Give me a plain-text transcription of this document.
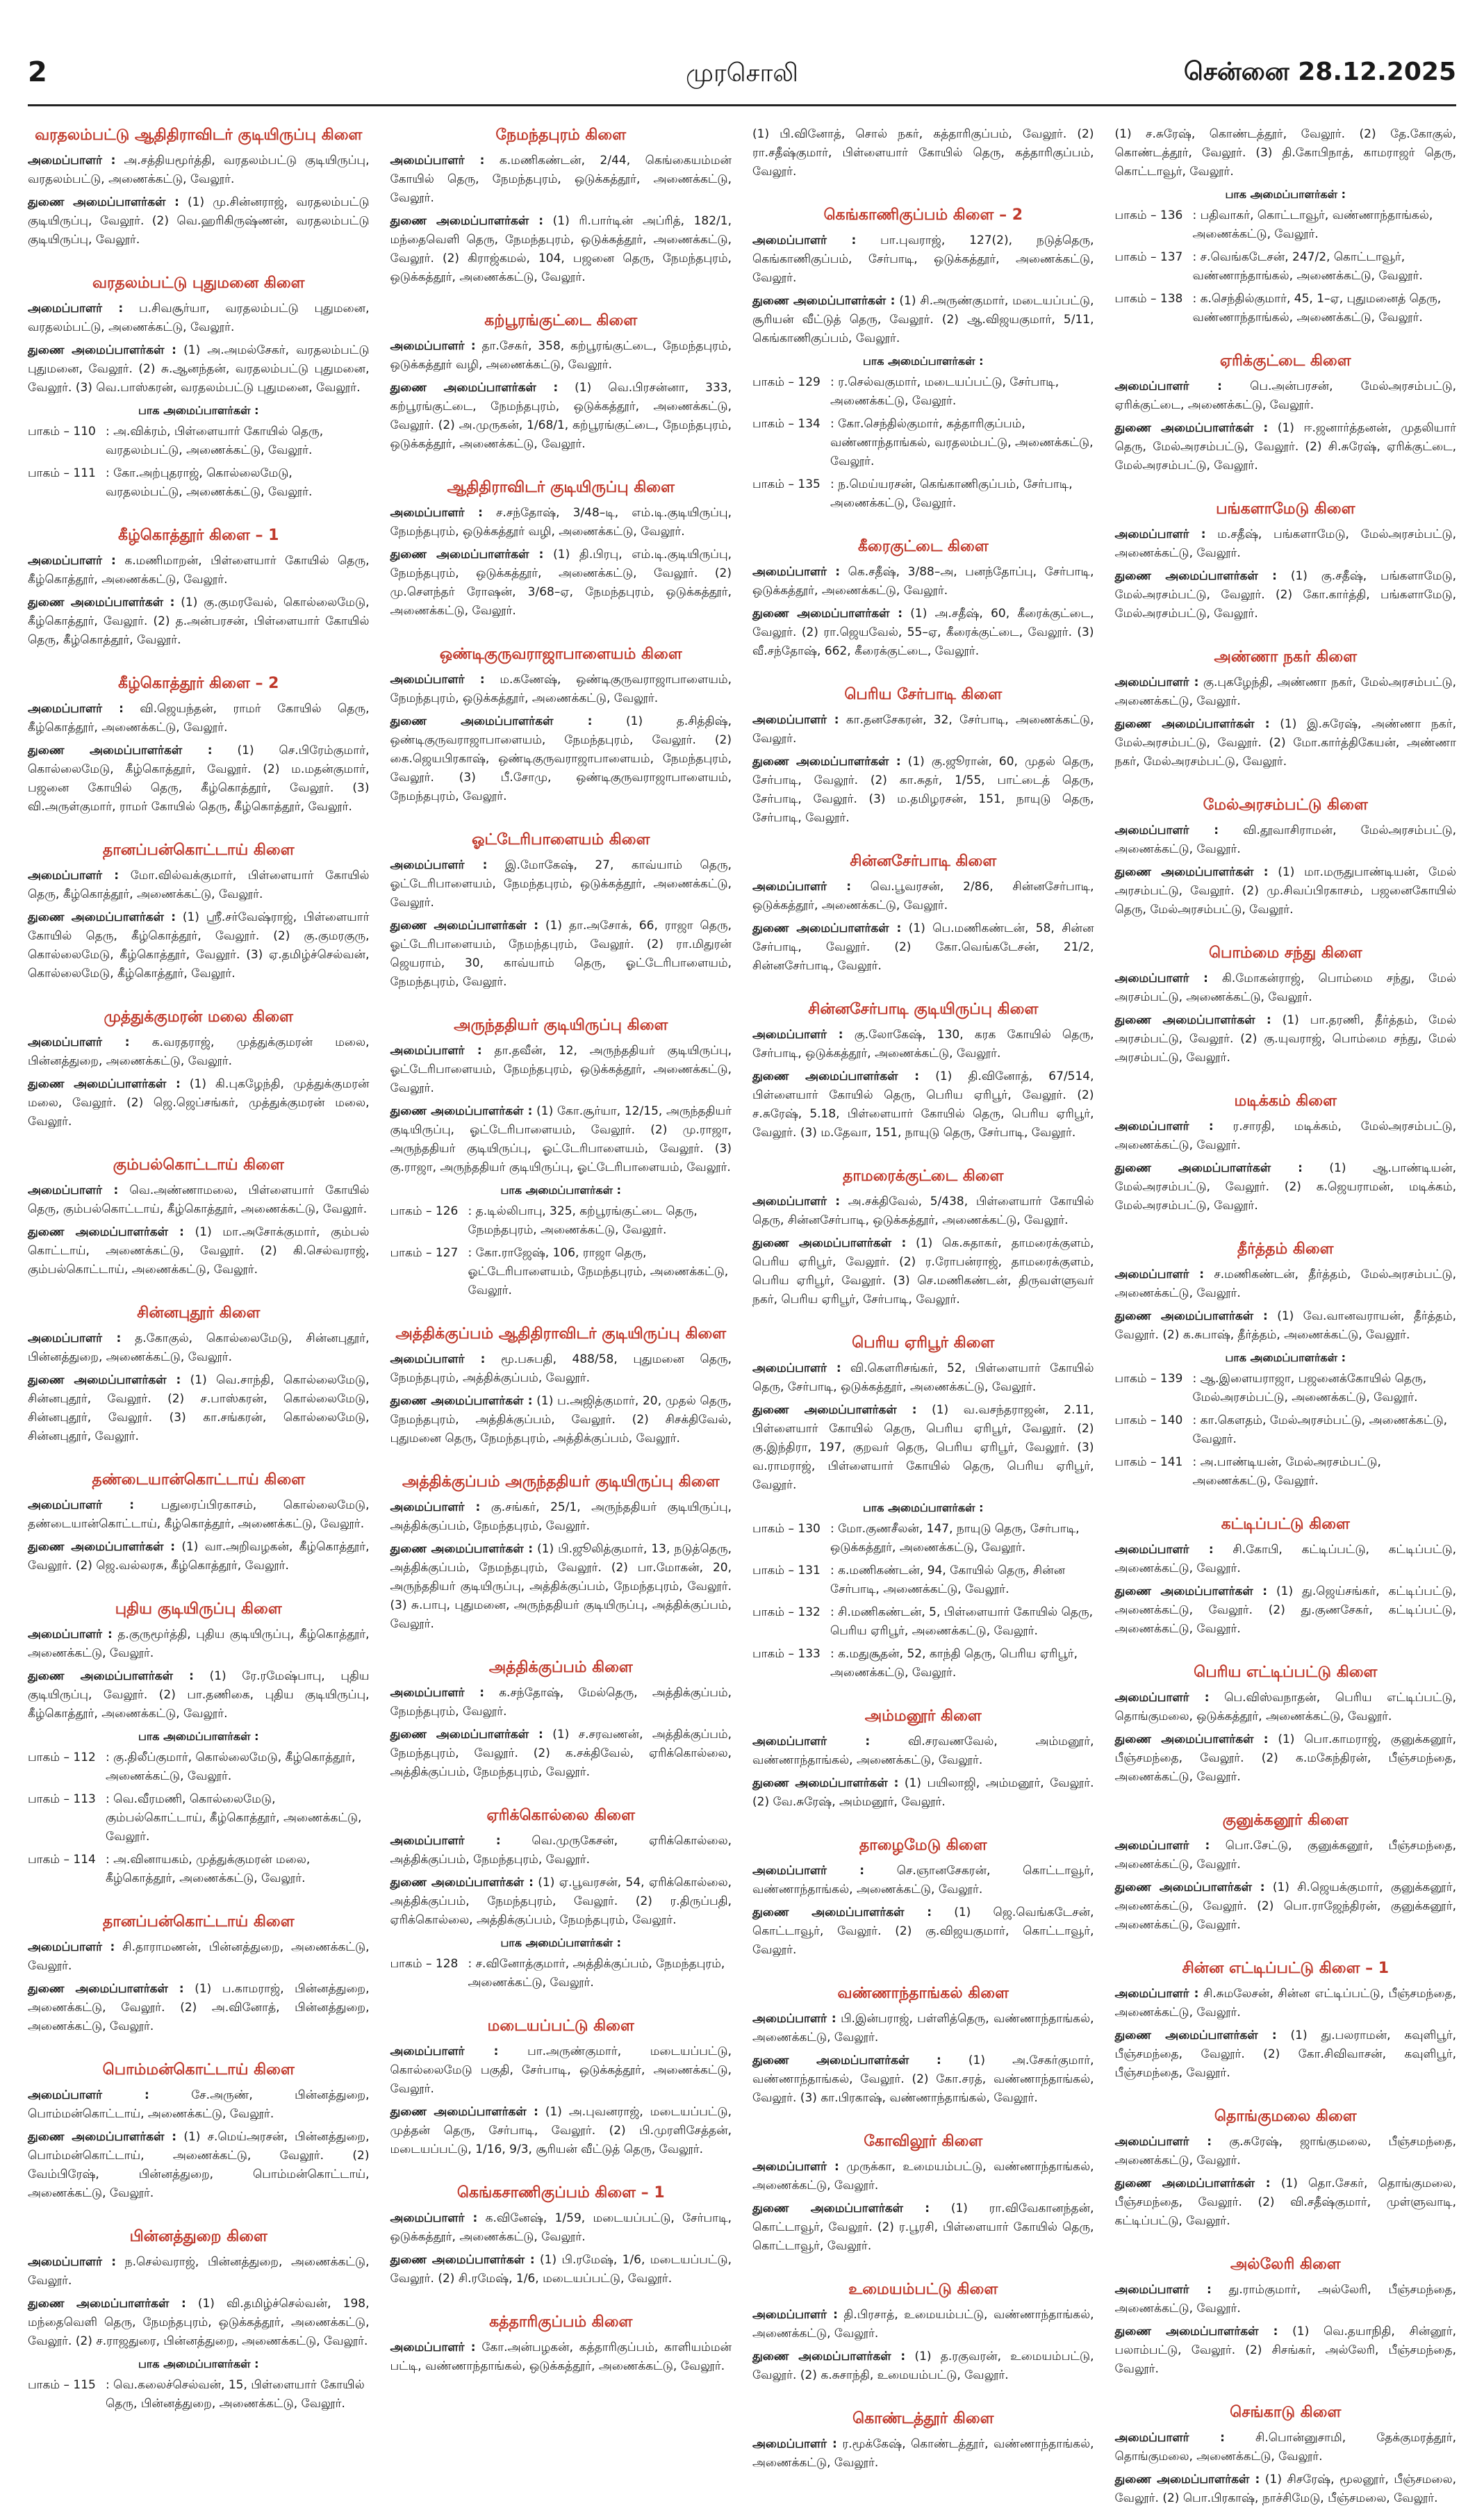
2	முரசொலி	சென்னை 28.12.2025
வரதலம்பட்டு ஆதிதிராவிடர் குடியிருப்பு கிளை
அமைப்பாளர் : அ.சத்தியமூர்த்தி, வரதலம்பட்டு குடியிருப்பு, வரதலம்பட்டு, அணைக்கட்டு, வேலூர்.
துணை அமைப்பாளர்கள் : (1) மு.சின்னராஜ், வரதலம்பட்டு குடியிருப்பு, வேலூர். (2) வெ.ஹரிகிருஷ்ணன், வரதலம்பட்டு குடியிருப்பு, வேலூர்.
வரதலம்பட்டு புதுமனை கிளை
அமைப்பாளர் : ப.சிவசூர்யா, வரதலம்பட்டு புதுமனை, வரதலம்பட்டு, அணைக்கட்டு, வேலூர்.
துணை அமைப்பாளர்கள் : (1) அ.அமல்சேகர், வரதலம்பட்டு புதுமனை, வேலூர். (2) சு.ஆனந்தன், வரதலம்பட்டு புதுமனை, வேலூர். (3) வெ.பாஸ்கரன், வரதலம்பட்டு புதுமனை, வேலூர்.
பாக அமைப்பாளர்கள் :
பாகம் – 110 : அ.விக்ரம், பிள்ளையார் கோயில் தெரு, வரதலம்பட்டு, அணைக்கட்டு, வேலூர்.
பாகம் – 111 : கோ.அற்புதராஜ், கொல்லைமேடு, வரதலம்பட்டு, அணைக்கட்டு, வேலூர்.
கீழ்கொத்தூர் கிளை – 1
அமைப்பாளர் : க.மணிமாறன், பிள்ளையார் கோயில் தெரு, கீழ்கொத்தூர், அணைக்கட்டு, வேலூர்.
துணை அமைப்பாளர்கள் : (1) கு.குமரவேல், கொல்லைமேடு, கீழ்கொத்தூர், வேலூர். (2) த.அன்பரசன், பிள்ளையார் கோயில் தெரு, கீழ்கொத்தூர், வேலூர்.
கீழ்கொத்தூர் கிளை – 2
அமைப்பாளர் : வி.ஜெயந்தன், ராமர் கோயில் தெரு, கீழ்கொத்தூர், அணைக்கட்டு, வேலூர்.
துணை அமைப்பாளர்கள் : (1) செ.பிரேம்குமார், கொல்லைமேடு, கீழ்கொத்தூர், வேலூர். (2) ம.மதன்குமார், பஜனை கோயில் தெரு, கீழ்கொத்தூர், வேலூர். (3) வி.அருள்குமார், ராமர் கோயில் தெரு, கீழ்கொத்தூர், வேலூர்.
தானப்பன்கொட்டாய் கிளை
அமைப்பாளர் : மோ.வில்வக்குமார், பிள்ளையார் கோயில் தெரு, கீழ்கொத்தூர், அணைக்கட்டு, வேலூர்.
துணை அமைப்பாளர்கள் : (1) ஸ்ரீ.சர்வேஷ்ராஜ், பிள்ளையார் கோயில் தெரு, கீழ்கொத்தூர், வேலூர். (2) கு.குமரகுரு, கொல்லைமேடு, கீழ்கொத்தூர், வேலூர். (3) ஏ.தமிழ்ச்செல்வன், கொல்லைமேடு, கீழ்கொத்தூர், வேலூர்.
முத்துக்குமரன் மலை கிளை
அமைப்பாளர் : க.வரதராஜ், முத்துக்குமரன் மலை, பின்னத்துறை, அணைக்கட்டு, வேலூர்.
துணை அமைப்பாளர்கள் : (1) கி.புகழேந்தி, முத்துக்குமரன் மலை, வேலூர். (2) ஜெ.ஜெப்சங்கர், முத்துக்குமரன் மலை, வேலூர்.
கும்பல்கொட்டாய் கிளை
அமைப்பாளர் : வெ.அண்ணாமலை, பிள்ளையார் கோயில் தெரு, கும்பல்கொட்டாய், கீழ்கொத்தூர், அணைக்கட்டு, வேலூர்.
துணை அமைப்பாளர்கள் : (1) மா.அசோக்குமார், கும்பல் கொட்டாய், அணைக்கட்டு, வேலூர். (2) கி.செல்வராஜ், கும்பல்கொட்டாய், அணைக்கட்டு, வேலூர்.
சின்னபுதூர் கிளை
அமைப்பாளர் : த.கோகுல், கொல்லைமேடு, சின்னபுதூர், பின்னத்துறை, அணைக்கட்டு, வேலூர்.
துணை அமைப்பாளர்கள் : (1) வெ.சாந்தி, கொல்லைமேடு, சின்னபுதூர், வேலூர். (2) ச.பாஸ்கரன், கொல்லைமேடு, சின்னபுதூர், வேலூர். (3) கா.சங்கரன், கொல்லைமேடு, சின்னபுதூர், வேலூர்.
தண்டையான்கொட்டாய் கிளை
அமைப்பாளர் : பதுரைப்பிரகாசம், கொல்லைமேடு, தண்டையான்கொட்டாய், கீழ்கொத்தூர், அணைக்கட்டு, வேலூர்.
துணை அமைப்பாளர்கள் : (1) வா.அறிவழகன், கீழ்கொத்தூர், வேலூர். (2) ஜெ.வல்லரசு, கீழ்கொத்தூர், வேலூர்.
புதிய குடியிருப்பு கிளை
அமைப்பாளர் : த.குருமூர்த்தி, புதிய குடியிருப்பு, கீழ்கொத்தூர், அணைக்கட்டு, வேலூர்.
துணை அமைப்பாளர்கள் : (1) ரே.ரமேஷ்பாபு, புதிய குடியிருப்பு, வேலூர். (2) பா.தணிகை, புதிய குடியிருப்பு, கீழ்கொத்தூர், அணைக்கட்டு, வேலூர்.
பாக அமைப்பாளர்கள் :
பாகம் – 112 : கு.திலீப்குமார், கொல்லைமேடு, கீழ்கொத்தூர், அணைக்கட்டு, வேலூர்.
பாகம் – 113 : வெ.வீரமணி, கொல்லைமேடு, கும்பல்கொட்டாய், கீழ்கொத்தூர், அணைக்கட்டு, வேலூர்.
பாகம் – 114 : அ.வினாயகம், முத்துக்குமரன் மலை, கீழ்கொத்தூர், அணைக்கட்டு, வேலூர்.
தானப்பன்கொட்டாய் கிளை
அமைப்பாளர் : சி.தாராமணன், பின்னத்துறை, அணைக்கட்டு, வேலூர்.
துணை அமைப்பாளர்கள் : (1) ப.காமராஜ், பின்னத்துறை, அணைக்கட்டு, வேலூர். (2) அ.வினோத், பின்னத்துறை, அணைக்கட்டு, வேலூர்.
பொம்மன்கொட்டாய் கிளை
அமைப்பாளர் :	சே.அருண், பின்னத்துறை, பொம்மன்கொட்டாய், அணைக்கட்டு, வேலூர்.
துணை அமைப்பாளர்கள் : (1) ச.மெய்அரசன், பின்னத்துறை, பொம்மன்கொட்டாய், அணைக்கட்டு, வேலூர். (2) வேம்பிரேஷ், பின்னத்துறை, பொம்மன்கொட்டாய், அணைக்கட்டு, வேலூர்.
பின்னத்துறை கிளை
அமைப்பாளர் : ந.செல்வராஜ், பின்னத்துறை, அணைக்கட்டு, வேலூர்.
துணை அமைப்பாளர்கள் : (1) வி.தமிழ்ச்செல்வன், 198, மந்தைவெளி தெரு, நேமந்தபுரம், ஒடுக்கத்தூர், அணைக்கட்டு, வேலூர். (2) ச.ராஜதுரை, பின்னத்துறை, அணைக்கட்டு, வேலூர்.
பாக அமைப்பாளர்கள் :
பாகம் – 115 : வெ.கலைச்செல்வன், 15, பிள்ளையார் கோயில் தெரு, பின்னத்துறை, அணைக்கட்டு, வேலூர்.
நேமந்தபுரம் கிளை
அமைப்பாளர் : க.மணிகண்டன், 2/44, கெங்கையம்மன் கோயில் தெரு, நேமந்தபுரம், ஒடுக்கத்தூர், அணைக்கட்டு, வேலூர்.
துணை அமைப்பாளர்கள் : (1) ரி.பார்டின் அப்ரித், 182/1, மந்தைவெளி தெரு, நேமந்தபுரம், ஒடுக்கத்தூர், அணைக்கட்டு, வேலூர். (2) கிராஜ்கமல், 104, பஜனை தெரு, நேமந்தபுரம், ஒடுக்கத்தூர், அணைக்கட்டு, வேலூர்.
கற்பூரங்குட்டை கிளை
அமைப்பாளர் : தா.சேகர், 358, கற்பூரங்குட்டை, நேமந்தபுரம், ஒடுக்கத்தூர் வழி, அணைக்கட்டு, வேலூர்.
துணை அமைப்பாளர்கள் : (1) வெ.பிரசன்னா, 333, கற்பூரங்குட்டை, நேமந்தபுரம், ஒடுக்கத்தூர், அணைக்கட்டு, வேலூர். (2) அ.முருகன், 1/68/1, கற்பூரங்குட்டை, நேமந்தபுரம், ஒடுக்கத்தூர், அணைக்கட்டு, வேலூர்.
ஆதிதிராவிடர் குடியிருப்பு கிளை
அமைப்பாளர் : ச.சந்தோஷ், 3/48–டி, எம்.டி.குடியிருப்பு, நேமந்தபுரம், ஒடுக்கத்தூர் வழி, அணைக்கட்டு, வேலூர்.
துணை அமைப்பாளர்கள் : (1) தி.பிரபு, எம்.டி.குடியிருப்பு, நேமந்தபுரம், ஒடுக்கத்தூர், அணைக்கட்டு, வேலூர். (2) மு.சௌந்தர் ரோஷன், 3/68–ஏ, நேமந்தபுரம், ஒடுக்கத்தூர், அணைக்கட்டு, வேலூர்.
ஒண்டிகுருவராஜாபாளையம் கிளை
அமைப்பாளர் : ம.கணேஷ், ஒண்டிகுருவராஜாபாளையம், நேமந்தபுரம், ஒடுக்கத்தூர், அணைக்கட்டு, வேலூர்.
துணை அமைப்பாளர்கள் :	(1) த.சித்திஷ், ஒண்டிகுருவராஜாபாளையம், நேமந்தபுரம், வேலூர். (2) கை.ஜெயபிரகாஷ், ஒண்டிகுருவராஜாபாளையம், நேமந்தபுரம், வேலூர். (3) பீ.சோமு, ஒண்டிகுருவராஜாபாளையம், நேமந்தபுரம், வேலூர்.
ஓட்டேரிபாளையம் கிளை
அமைப்பாளர் : இ.மோகேஷ், 27, காவ்யாம் தெரு, ஓட்டேரிபாளையம், நேமந்தபுரம், ஒடுக்கத்தூர், அணைக்கட்டு, வேலூர்.
துணை அமைப்பாளர்கள் : (1) தா.அசோக், 66, ராஜா தெரு, ஓட்டேரிபாளையம், நேமந்தபுரம், வேலூர். (2) ரா.மிதுரன் ஜெயராம், 30, காவ்யாம் தெரு, ஓட்டேரிபாளையம், நேமந்தபுரம், வேலூர்.
அருந்ததியர் குடியிருப்பு கிளை
அமைப்பாளர் : தா.தவீன், 12, அருந்ததியர் குடியிருப்பு, ஓட்டேரிபாளையம், நேமந்தபுரம், ஒடுக்கத்தூர், அணைக்கட்டு, வேலூர்.
துணை அமைப்பாளர்கள் : (1) கோ.சூர்யா, 12/15, அருந்ததியர் குடியிருப்பு, ஓட்டேரிபாளையம், வேலூர். (2) மு.ராஜா, அருந்ததியர் குடியிருப்பு, ஓட்டேரிபாளையம், வேலூர். (3) கு.ராஜா, அருந்ததியர் குடியிருப்பு, ஓட்டேரிபாளையம், வேலூர்.
பாக அமைப்பாளர்கள் :
பாகம் – 126 : த.டில்லிபாபு, 325, கற்பூரங்குட்டை தெரு, நேமந்தபுரம், அணைக்கட்டு, வேலூர்.
பாகம் – 127 : கோ.ராஜேஷ், 106, ராஜா தெரு, ஓட்டேரிபாளையம், நேமந்தபுரம், அணைக்கட்டு, வேலூர்.
அத்திக்குப்பம் ஆதிதிராவிடர் குடியிருப்பு கிளை
அமைப்பாளர் : மூ.பசுபதி, 488/58, புதுமனை தெரு, நேமந்தபுரம், அத்திக்குப்பம், வேலூர்.
துணை அமைப்பாளர்கள் : (1) ப.அஜித்குமார், 20, முதல் தெரு, நேமந்தபுரம், அத்திக்குப்பம், வேலூர். (2) சிசக்திவேல், புதுமனை தெரு, நேமந்தபுரம், அத்திக்குப்பம், வேலூர்.
அத்திக்குப்பம் அருந்ததியர் குடியிருப்பு கிளை
அமைப்பாளர் : கு.சங்கர், 25/1, அருந்ததியர் குடியிருப்பு, அத்திக்குப்பம், நேமந்தபுரம், வேலூர்.
துணை அமைப்பாளர்கள் : (1) பி.ஜூலித்குமார், 13, நடுத்தெரு, அத்திக்குப்பம், நேமந்தபுரம், வேலூர். (2) பா.மோகன், 20, அருந்ததியர் குடியிருப்பு, அத்திக்குப்பம், நேமந்தபுரம், வேலூர். (3) சு.பாபு, புதுமனை, அருந்ததியர் குடியிருப்பு, அத்திக்குப்பம், வேலூர்.
அத்திக்குப்பம் கிளை
அமைப்பாளர் : க.சந்தோஷ், மேல்தெரு, அத்திக்குப்பம், நேமந்தபுரம், வேலூர்.
துணை அமைப்பாளர்கள் : (1) ச.சரவணன், அத்திக்குப்பம், நேமந்தபுரம், வேலூர். (2) க.சக்திவேல், ஏரிக்கொல்லை, அத்திக்குப்பம், நேமந்தபுரம், வேலூர்.
ஏரிக்கொல்லை கிளை
அமைப்பாளர் :	வெ.முருகேசன், ஏரிக்கொல்லை, அத்திக்குப்பம், நேமந்தபுரம், வேலூர்.
துணை அமைப்பாளர்கள் : (1) ஏ.பூவரசன், 54, ஏரிக்கொல்லை, அத்திக்குப்பம், நேமந்தபுரம், வேலூர். (2) ர.திருப்பதி, ஏரிக்கொல்லை, அத்திக்குப்பம், நேமந்தபுரம், வேலூர்.
பாக அமைப்பாளர்கள் :
பாகம் – 128 : ச.வினோத்குமார், அத்திக்குப்பம், நேமந்தபுரம், அணைக்கட்டு, வேலூர்.
மடையப்பட்டு கிளை
அமைப்பாளர் : பா.அருண்குமார், மடையப்பட்டு, கொல்லைமேடு பகுதி, சேர்பாடி, ஒடுக்கத்தூர், அணைக்கட்டு, வேலூர்.
துணை அமைப்பாளர்கள் : (1) அ.புவனராஜ், மடையப்பட்டு, முத்தன் தெரு, சேர்பாடி, வேலூர். (2) பி.முரளிசேத்தன், மடையப்பட்டு, 1/16, 9/3, சூரியன் வீட்டுத் தெரு, வேலூர்.
கெங்கசாணிகுப்பம் கிளை – 1
அமைப்பாளர் : க.வினேஷ், 1/59, மடையப்பட்டு, சேர்பாடி, ஒடுக்கத்தூர், அணைக்கட்டு, வேலூர்.
துணை அமைப்பாளர்கள் : (1) பி.ரமேஷ், 1/6, மடையப்பட்டு, வேலூர். (2) சி.ரமேஷ், 1/6, மடையப்பட்டு, வேலூர்.
கத்தாரிகுப்பம் கிளை
அமைப்பாளர் : கோ.அன்பழகன், கத்தாரிகுப்பம், காளியம்மன் பட்டி, வண்ணாந்தாங்கல், ஒடுக்கத்தூர், அணைக்கட்டு, வேலூர்.
(1) பி.வினோத், சொல் நகர், கத்தாரிகுப்பம், வேலூர். (2) ரா.சதீஷ்குமார், பிள்ளையார் கோயில் தெரு, கத்தாரிகுப்பம், வேலூர்.
கெங்காணிகுப்பம் கிளை – 2
அமைப்பாளர் : பா.புவராஜ், 127(2), நடுத்தெரு, கெங்காணிகுப்பம், சேர்பாடி, ஒடுக்கத்தூர், அணைக்கட்டு, வேலூர்.
துணை அமைப்பாளர்கள் : (1) சி.அருண்குமார், மடையப்பட்டு, சூரியன் வீட்டுத் தெரு, வேலூர். (2) ஆ.விஜயகுமார், 5/11, கெங்காணிகுப்பம், வேலூர்.
பாக அமைப்பாளர்கள் :
பாகம் – 129 : ர.செல்வகுமார், மடையப்பட்டு, சேர்பாடி, அணைக்கட்டு, வேலூர்.
பாகம் – 134 : கோ.செந்தில்குமார், கத்தாரிகுப்பம், வண்ணாந்தாங்கல், வரதலம்பட்டு, அணைக்கட்டு, வேலூர்.
பாகம் – 135 : ந.மெய்யரசன், கெங்காணிகுப்பம், சேர்பாடி, அணைக்கட்டு, வேலூர்.
கீரைகுட்டை கிளை
அமைப்பாளர் : கெ.சதீஷ், 3/88–அ, பனந்தோப்பு, சேர்பாடி, ஒடுக்கத்தூர், அணைக்கட்டு, வேலூர்.
துணை அமைப்பாளர்கள் : (1) அ.சதீஷ், 60, கீரைக்குட்டை, வேலூர். (2) ரா.ஜெயவேல், 55–ஏ, கீரைக்குட்டை, வேலூர். (3) வீ.சந்தோஷ், 662, கீரைக்குட்டை, வேலூர்.
பெரிய சேர்பாடி கிளை
அமைப்பாளர் : கா.தனசேகரன், 32, சேர்பாடி, அணைக்கட்டு, வேலூர்.
துணை அமைப்பாளர்கள் : (1) கு.ஜூரான், 60, முதல் தெரு, சேர்பாடி, வேலூர். (2) கா.சுதர், 1/55, பாட்டைத் தெரு, சேர்பாடி, வேலூர். (3) ம.தமிழரசன், 151, நாயுடு தெரு, சேர்பாடி, வேலூர்.
சின்னசேர்பாடி கிளை
அமைப்பாளர் : வெ.பூவரசன், 2/86, சின்னசேர்பாடி, ஒடுக்கத்தூர், அணைக்கட்டு, வேலூர்.
துணை அமைப்பாளர்கள் : (1) பெ.மணிகண்டன், 58, சின்ன சேர்பாடி, வேலூர். (2) கோ.வெங்கடேசன், 21/2, சின்னசேர்பாடி, வேலூர்.
சின்னசேர்பாடி குடியிருப்பு கிளை
அமைப்பாளர் : கு.லோகேஷ், 130, கரக கோயில் தெரு, சேர்பாடி, ஒடுக்கத்தூர், அணைக்கட்டு, வேலூர்.
துணை அமைப்பாளர்கள் : (1) தி.வினோத், 67/514, பிள்ளையார் கோயில் தெரு, பெரிய ஏரிபூர், வேலூர். (2) ச.சுரேஷ், 5.18, பிள்ளையார் கோயில் தெரு, பெரிய ஏரிபூர், வேலூர். (3) ம.தேவா, 151, நாயுடு தெரு, சேர்பாடி, வேலூர்.
தாமரைக்குட்டை கிளை
அமைப்பாளர் : அ.சக்திவேல், 5/438, பிள்ளையார் கோயில் தெரு, சின்னசேர்பாடி, ஒடுக்கத்தூர், அணைக்கட்டு, வேலூர்.
துணை அமைப்பாளர்கள் : (1) கெ.சுதாகர், தாமரைக்குளம், பெரிய ஏரிபூர், வேலூர். (2) ர.ரோபன்ராஜ், தாமரைக்குளம், பெரிய ஏரிபூர், வேலூர். (3) செ.மணிகண்டன், திருவள்ளுவர் நகர், பெரிய ஏரிபூர், சேர்பாடி, வேலூர்.
பெரிய ஏரிபூர் கிளை
அமைப்பாளர் : வி.கௌரிசங்கர், 52, பிள்ளையார் கோயில் தெரு, சேர்பாடி, ஒடுக்கத்தூர், அணைக்கட்டு, வேலூர்.
துணை அமைப்பாளர்கள் : (1) வ.வசந்தராஜன், 2.11, பிள்ளையார் கோயில் தெரு, பெரிய ஏரிபூர், வேலூர். (2) கு.இந்திரா, 197, குறவர் தெரு, பெரிய ஏரிபூர், வேலூர். (3) வ.ராமராஜ், பிள்ளையார் கோயில் தெரு, பெரிய ஏரிபூர், வேலூர்.
பாக அமைப்பாளர்கள் :
பாகம் – 130 : மோ.குணசீலன், 147, நாயுடு தெரு, சேர்பாடி, ஒடுக்கத்தூர், அணைக்கட்டு, வேலூர்.
பாகம் – 131 : க.மணிகண்டன், 94, கோயில் தெரு, சின்ன சேர்பாடி, அணைக்கட்டு, வேலூர்.
பாகம் – 132 : சி.மணிகண்டன், 5, பிள்ளையார் கோயில் தெரு, பெரிய ஏரிபூர், அணைக்கட்டு, வேலூர்.
பாகம் – 133 : க.மதுசூதன், 52, காந்தி தெரு, பெரிய ஏரிபூர், அணைக்கட்டு, வேலூர்.
அம்மனூர் கிளை
அமைப்பாளர் :	வி.சரவணவேல், அம்மனூர், வண்ணாந்தாங்கல், அணைக்கட்டு, வேலூர்.
துணை அமைப்பாளர்கள் : (1) பயிலாஜி, அம்மனூர், வேலூர். (2) வே.சுரேஷ், அம்மனூர், வேலூர்.
தாழைமேடு கிளை
அமைப்பாளர் :	செ.ஞானசேகரன், கொட்டாவூர், வண்ணாந்தாங்கல், அணைக்கட்டு, வேலூர்.
துணை அமைப்பாளர்கள் : (1) ஜெ.வெங்கடேசன், கொட்டாவூர், வேலூர். (2) கு.விஜயகுமார், கொட்டாவூர், வேலூர்.
வண்ணாந்தாங்கல் கிளை
அமைப்பாளர் : பி.இன்பராஜ், பள்ளித்தெரு, வண்ணாந்தாங்கல், அணைக்கட்டு, வேலூர்.
துணை அமைப்பாளர்கள் : (1) அ.சேகர்குமார், வண்ணாந்தாங்கல், வேலூர். (2) கோ.சரத், வண்ணாந்தாங்கல், வேலூர். (3) கா.பிரகாஷ், வண்ணாந்தாங்கல், வேலூர்.
கோவிலூர் கிளை
அமைப்பாளர் : முருக்கா, உமையம்பட்டு, வண்ணாந்தாங்கல், அணைக்கட்டு, வேலூர்.
துணை அமைப்பாளர்கள் : (1) ரா.விவேகானந்தன், கொட்டாவூர், வேலூர். (2) ர.பூரசி, பிள்ளையார் கோயில் தெரு, கொட்டாவூர், வேலூர்.
உமையம்பட்டு கிளை
அமைப்பாளர் : தி.பிரசாத், உமையம்பட்டு, வண்ணாந்தாங்கல், அணைக்கட்டு, வேலூர்.
துணை அமைப்பாளர்கள் : (1) த.ரகுவரன், உமையம்பட்டு, வேலூர். (2) க.சுசாந்தி, உமையம்பட்டு, வேலூர்.
கொண்டத்தூர் கிளை
அமைப்பாளர் : ர.மூக்கேஷ், கொண்டத்தூர், வண்ணாந்தாங்கல், அணைக்கட்டு, வேலூர்.
(1) ச.சுரேஷ், கொண்டத்தூர், வேலூர். (2) தே.கோகுல், கொண்டத்தூர், வேலூர். (3) தி.கோபிநாத், காமராஜர் தெரு, கொட்டாவூர், வேலூர்.
பாக அமைப்பாளர்கள் :
பாகம் – 136 : பதிவாகர், கொட்டாவூர், வண்ணாந்தாங்கல், அணைக்கட்டு, வேலூர்.
பாகம் – 137 : ச.வெங்கடேசன், 247/2, கொட்டாவூர், வண்ணாந்தாங்கல், அணைக்கட்டு, வேலூர்.
பாகம் – 138 : க.செந்தில்குமார், 45, 1–ஏ, புதுமனைத் தெரு, வண்ணாந்தாங்கல், அணைக்கட்டு, வேலூர்.
ஏரிக்குட்டை கிளை
அமைப்பாளர் : பெ.அன்பரசன், மேல்அரசம்பட்டு, ஏரிக்குட்டை, அணைக்கட்டு, வேலூர்.
துணை அமைப்பாளர்கள் : (1) ஈ.ஜனார்த்தனன், முதலியார் தெரு, மேல்அரசம்பட்டு, வேலூர். (2) சி.சுரேஷ், ஏரிக்குட்டை, மேல்அரசம்பட்டு, வேலூர்.
பங்களாமேடு கிளை
அமைப்பாளர் : ம.சதீஷ், பங்களாமேடு, மேல்அரசம்பட்டு, அணைக்கட்டு, வேலூர்.
துணை அமைப்பாளர்கள் : (1) கு.சதீஷ், பங்களாமேடு, மேல்அரசம்பட்டு, வேலூர். (2) கோ.கார்த்தி, பங்களாமேடு, மேல்அரசம்பட்டு, வேலூர்.
அண்ணா நகர் கிளை
அமைப்பாளர் : கு.புகழேந்தி, அண்ணா நகர், மேல்அரசம்பட்டு, அணைக்கட்டு, வேலூர்.
துணை அமைப்பாளர்கள் : (1) இ.சுரேஷ், அண்ணா நகர், மேல்அரசம்பட்டு, வேலூர். (2) மோ.கார்த்திகேயன், அண்ணா நகர், மேல்அரசம்பட்டு, வேலூர்.
மேல்அரசம்பட்டு கிளை
அமைப்பாளர் : வி.தூவாசிராமன், மேல்அரசம்பட்டு, அணைக்கட்டு, வேலூர்.
துணை அமைப்பாளர்கள் : (1) மா.மருதுபாண்டியன், மேல் அரசம்பட்டு, வேலூர். (2) மு.சிவப்பிரகாசம், பஜனைகோயில் தெரு, மேல்அரசம்பட்டு, வேலூர்.
பொம்மை சந்து கிளை
அமைப்பாளர் : கி.மோகன்ராஜ், பொம்மை சந்து, மேல் அரசம்பட்டு, அணைக்கட்டு, வேலூர்.
துணை அமைப்பாளர்கள் : (1) பா.தரணி, தீர்த்தம், மேல் அரசம்பட்டு, வேலூர். (2) கு.யுவராஜ், பொம்மை சந்து, மேல் அரசம்பட்டு, வேலூர்.
மடிக்கம் கிளை
அமைப்பாளர் : ர.சாரதி, மடிக்கம், மேல்அரசம்பட்டு, அணைக்கட்டு, வேலூர்.
துணை அமைப்பாளர்கள் : (1) ஆ.பாண்டியன், மேல்அரசம்பட்டு, வேலூர். (2) க.ஜெயராமன், மடிக்கம், மேல்அரசம்பட்டு, வேலூர்.
தீர்த்தம் கிளை
அமைப்பாளர் : ச.மணிகண்டன், தீர்த்தம், மேல்அரசம்பட்டு, அணைக்கட்டு, வேலூர்.
துணை அமைப்பாளர்கள் : (1) வே.வானவராயன், தீர்த்தம், வேலூர். (2) க.சுபாஷ், தீர்த்தம், அணைக்கட்டு, வேலூர்.
பாக அமைப்பாளர்கள் :
பாகம் – 139 : ஆ.இளையராஜா, பஜனைக்கோயில் தெரு, மேல்அரசம்பட்டு, அணைக்கட்டு, வேலூர்.
பாகம் – 140 : கா.கௌதம், மேல்அரசம்பட்டு, அணைக்கட்டு, வேலூர்.
பாகம் – 141 : அ.பாண்டியன், மேல்அரசம்பட்டு, அணைக்கட்டு, வேலூர்.
கட்டிப்பட்டு கிளை
அமைப்பாளர் : சி.கோபி, கட்டிப்பட்டு, கட்டிப்பட்டு, அணைக்கட்டு, வேலூர்.
துணை அமைப்பாளர்கள் : (1) து.ஜெய்சங்கர், கட்டிப்பட்டு, அணைக்கட்டு, வேலூர். (2) து.குணசேகர், கட்டிப்பட்டு, அணைக்கட்டு, வேலூர்.
பெரிய எட்டிப்பட்டு கிளை
அமைப்பாளர் : பெ.விஸ்வநாதன், பெரிய எட்டிப்பட்டு, தொங்குமலை, ஒடுக்கத்தூர், அணைக்கட்டு, வேலூர்.
துணை அமைப்பாளர்கள் : (1) பொ.காமராஜ், குனுக்கனூர், பீஞ்சமந்தை, வேலூர். (2) க.மகேந்திரன், பீஞ்சமந்தை, அணைக்கட்டு, வேலூர்.
குனுக்கனூர் கிளை
அமைப்பாளர் : பொ.சேட்டு, குனுக்கனூர், பீஞ்சமந்தை, அணைக்கட்டு, வேலூர்.
துணை அமைப்பாளர்கள் : (1) சி.ஜெயக்குமார், குனுக்கனூர், அணைக்கட்டு, வேலூர். (2) பொ.ராஜேந்திரன், குனுக்கனூர், அணைக்கட்டு, வேலூர்.
சின்ன எட்டிப்பட்டு கிளை – 1
அமைப்பாளர் : சி.சுமலேசன், சின்ன எட்டிப்பட்டு, பீஞ்சமந்தை, அணைக்கட்டு, வேலூர்.
துணை அமைப்பாளர்கள் : (1) து.பலராமன், கவுளிபூர், பீஞ்சமந்தை, வேலூர். (2) கோ.சிவிவாசன், கவுளிபூர், பீஞ்சமந்தை, வேலூர்.
தொங்குமலை கிளை
அமைப்பாளர் : கு.சுரேஷ், ஜாங்குமலை, பீஞ்சமந்தை, அணைக்கட்டு, வேலூர்.
துணை அமைப்பாளர்கள் : (1) தொ.சேகர், தொங்குமலை, பீஞ்சமந்தை, வேலூர். (2) வி.சதீஷ்குமார், முள்ளுவாடி, கட்டிப்பட்டு, வேலூர்.
அல்லேரி கிளை
அமைப்பாளர் : து.ராம்குமார், அல்லேரி, பீஞ்சமந்தை, அணைக்கட்டு, வேலூர்.
துணை அமைப்பாளர்கள் : (1) வெ.தயாநிதி, சின்னூர், பலாம்பட்டு, வேலூர். (2) சிசங்கர், அல்லேரி, பீஞ்சமந்தை, வேலூர்.
செங்காடு கிளை
அமைப்பாளர் :	சி.பொன்னுசாமி, தேக்குமரத்தூர், தொங்குமலை, அணைக்கட்டு, வேலூர்.
துணை அமைப்பாளர்கள் : (1) சிசரேஷ், மூலனூர், பீஞ்சமலை, வேலூர். (2) பொ.பிரகாஷ், நாச்சிமேடு, பீஞ்சமலை, வேலூர்.
